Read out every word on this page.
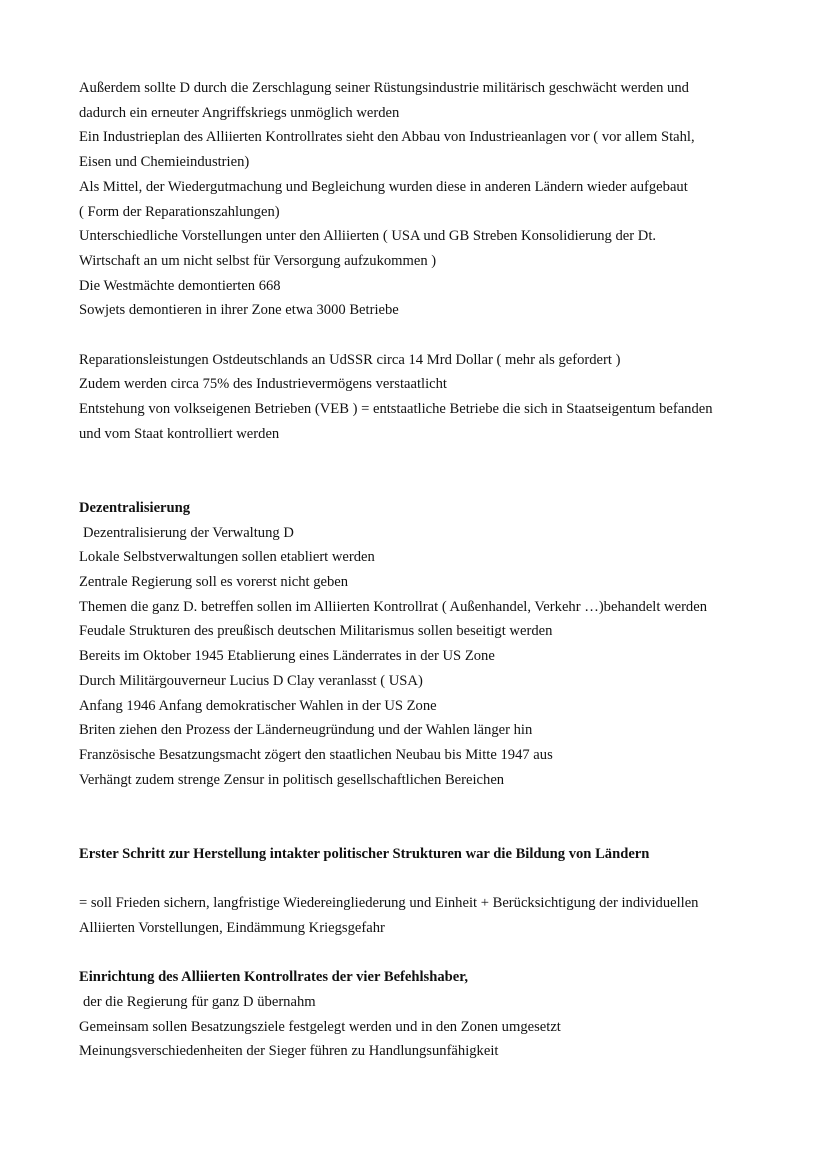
Außerdem sollte D durch die Zerschlagung seiner Rüstungsindustrie militärisch geschwächt werden und

dadurch ein erneuter Angriffskriegs unmöglich werden

Ein Industrieplan des Alliierten Kontrollrates sieht den Abbau von Industrieanlagen vor ( vor allem Stahl,

Eisen und Chemieindustrien)

Als Mittel, der Wiedergutmachung und Begleichung wurden diese in anderen Ländern wieder aufgebaut

( Form der Reparationszahlungen)

Unterschiedliche Vorstellungen unter den Alliierten ( USA und GB Streben Konsolidierung der Dt.

Wirtschaft an um nicht selbst für Versorgung aufzukommen )

Die Westmächte demontierten 668

Sowjets demontieren in ihrer Zone etwa 3000 Betriebe

Reparationsleistungen Ostdeutschlands an UdSSR circa 14 Mrd Dollar ( mehr als gefordert )

Zudem werden circa 75% des Industrievermögens verstaatlicht

Entstehung von volkseigenen Betrieben (VEB ) = entstaatliche Betriebe die sich in Staatseigentum befanden

und vom Staat kontrolliert werden

Dezentralisierung

Dezentralisierung der Verwaltung D

Lokale Selbstverwaltungen sollen etabliert werden

Zentrale Regierung soll es vorerst nicht geben

Themen die ganz D. betreffen sollen im Alliierten Kontrollrat ( Außenhandel, Verkehr …)behandelt werden

Feudale Strukturen des preußisch deutschen Militarismus sollen beseitigt werden

Bereits im Oktober 1945 Etablierung eines Länderrates in der US Zone

Durch Militärgouverneur Lucius D Clay veranlasst ( USA)

Anfang 1946 Anfang demokratischer Wahlen in der US Zone

Briten ziehen den Prozess der Länderneugründung und der Wahlen länger hin

Französische Besatzungsmacht zögert den staatlichen Neubau bis Mitte 1947 aus

Verhängt zudem strenge Zensur in politisch gesellschaftlichen Bereichen

Erster Schritt zur Herstellung intakter politischer Strukturen war die Bildung von Ländern

= soll Frieden sichern, langfristige Wiedereingliederung und Einheit + Berücksichtigung der individuellen

Alliierten Vorstellungen, Eindämmung Kriegsgefahr

Einrichtung des Alliierten Kontrollrates der vier Befehlshaber,

der die Regierung für ganz D übernahm

Gemeinsam sollen Besatzungsziele festgelegt werden und in den Zonen umgesetzt

Meinungsverschiedenheiten der Sieger führen zu Handlungsunfähigkeit
